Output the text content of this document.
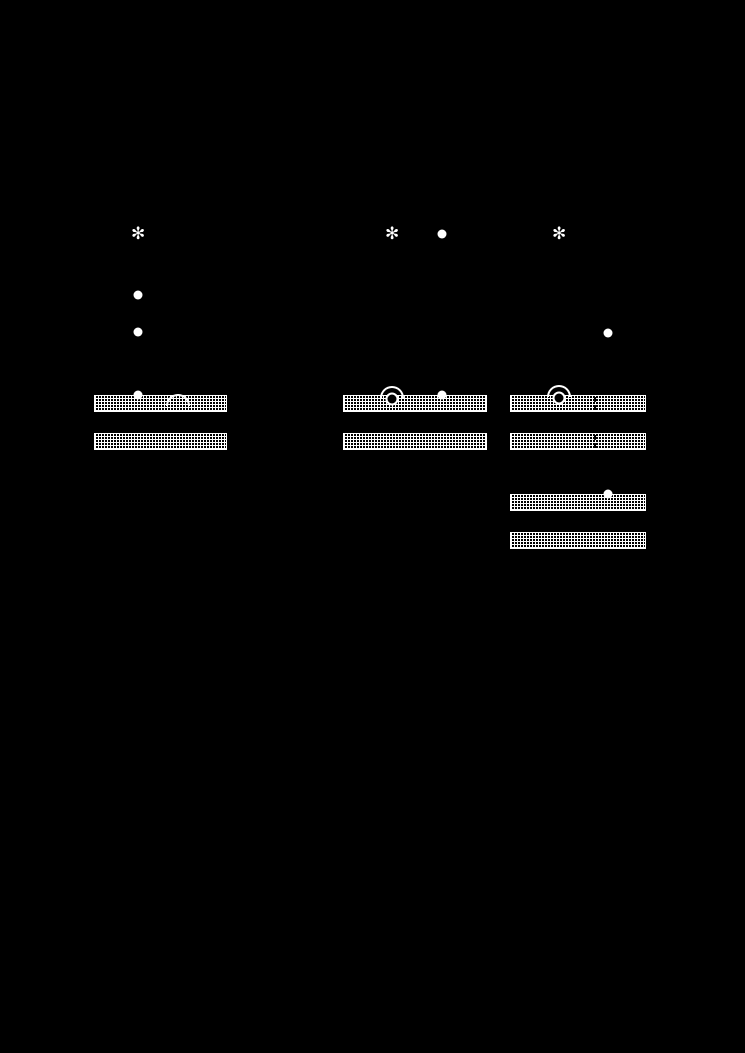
✻	✻	✻
